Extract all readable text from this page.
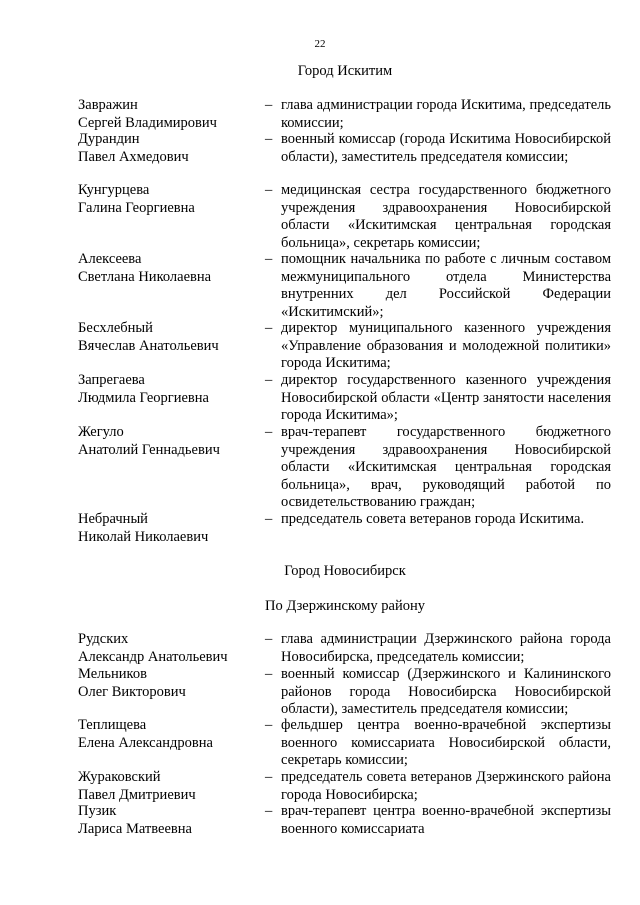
22
Город Искитим
Завражин
Сергей Владимирович
– глава администрации города Искитима, председатель комиссии;
Дурандин
Павел Ахмедович
– военный комиссар (города Искитима Новосибирской области), заместитель председателя комиссии;
Кунгурцева
Галина Георгиевна
– медицинская сестра государственного бюджетного учреждения здравоохранения Новосибирской области «Искитимская центральная городская больница», секретарь комиссии;
Алексеева
Светлана Николаевна
– помощник начальника по работе с личным составом межмуниципального отдела Министерства внутренних дел Российской Федерации «Искитимский»;
Бесхлебный
Вячеслав Анатольевич
– директор муниципального казенного учреждения «Управление образования и молодежной политики» города Искитима;
Запрегаева
Людмила Георгиевна
– директор государственного казенного учреждения Новосибирской области «Центр занятости населения города Искитима»;
Жегуло
Анатолий Геннадьевич
– врач-терапевт государственного бюджетного учреждения здравоохранения Новосибирской области «Искитимская центральная городская больница», врач, руководящий работой по освидетельствованию граждан;
Небрачный
Николай Николаевич
– председатель совета ветеранов города Искитима.
Город Новосибирск
По Дзержинскому району
Рудских
Александр Анатольевич
– глава администрации Дзержинского района города Новосибирска, председатель комиссии;
Мельников
Олег Викторович
– военный комиссар (Дзержинского и Калининского районов города Новосибирска Новосибирской области), заместитель председателя комиссии;
Теплищева
Елена Александровна
– фельдшер центра военно-врачебной экспертизы военного комиссариата Новосибирской области, секретарь комиссии;
Жураковский
Павел Дмитриевич
– председатель совета ветеранов Дзержинского района города Новосибирска;
Пузик
Лариса Матвеевна
– врач-терапевт центра военно-врачебной экспертизы военного комиссариата
